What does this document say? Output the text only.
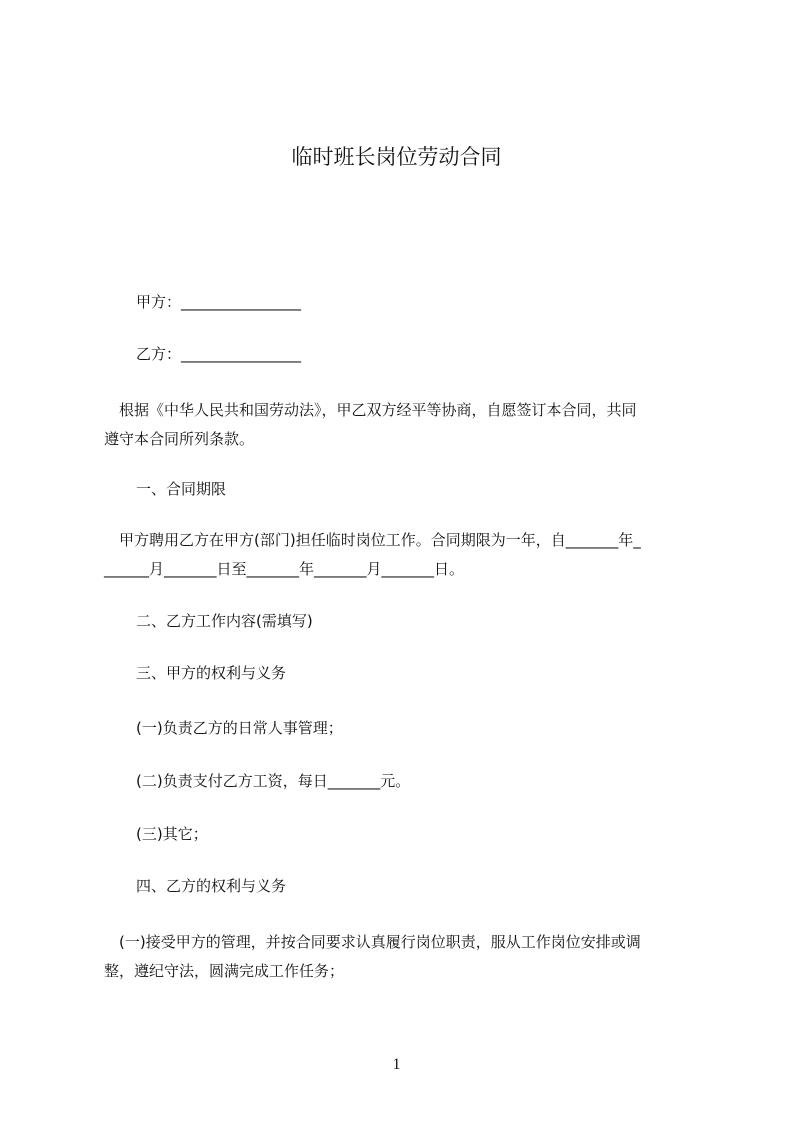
临时班长岗位劳动合同
甲方：________________
乙方：________________

　根据《中华人民共和国劳动法》，甲乙双方经平等协商，自愿签订本合同，共同

遵守本合同所列条款。

一、合同期限

　甲方聘用乙方在甲方(部门)担任临时岗位工作。合同期限为一年，自_______年_

______月_______日至_______年_______月_______日。

二、乙方工作内容(需填写)
三、甲方的权利与义务
(一)负责乙方的日常人事管理；
(二)负责支付乙方工资，每日_______元。
(三)其它；
四、乙方的权利与义务

　(一)接受甲方的管理，并按合同要求认真履行岗位职责，服从工作岗位安排或调

整，遵纪守法，圆满完成工作任务；

1
